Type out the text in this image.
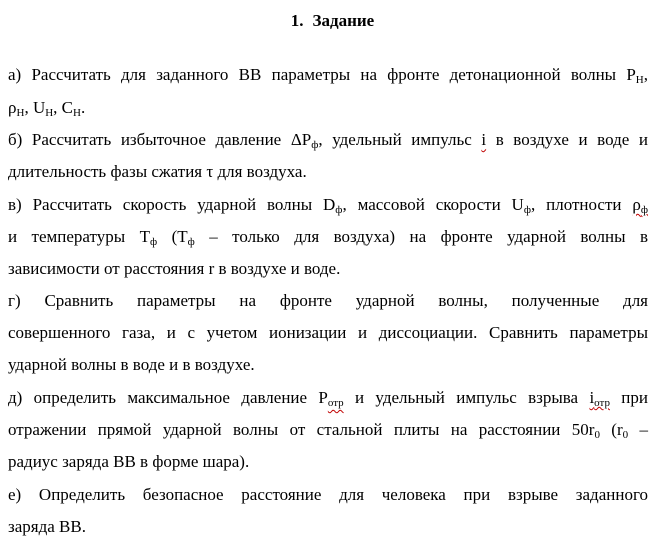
1. Задание
а) Рассчитать для заданного ВВ параметры на фронте детонационной волны $P_H$,
$\rho_H$, $U_H$, $C_H$.
б) Рассчитать избыточное давление $\Delta P_ф$, удельный импульс i в воздухе и воде и
длительность фазы сжатия τ для воздуха.
в) Рассчитать скорость ударной волны $D_ф$, массовой скорости $U_ф$, плотности $\rho_ф$
и температуры $T_ф$ ($T_ф$ – только для воздуха) на фронте ударной волны в
зависимости от расстояния r в воздухе и воде.
г) Сравнить параметры на фронте ударной волны, полученные для
совершенного газа, и с учетом ионизации и диссоциации. Сравнить параметры
ударной волны в воде и в воздухе.
д) определить максимальное давление $P_{отр}$ и удельный импульс взрыва $i_{отр}$ при
отражении прямой ударной волны от стальной плиты на расстоянии $50r_0$ ($r_0$ –
радиус заряда ВВ в форме шара).
е) Определить безопасное расстояние для человека при взрыве заданного
заряда ВВ.
